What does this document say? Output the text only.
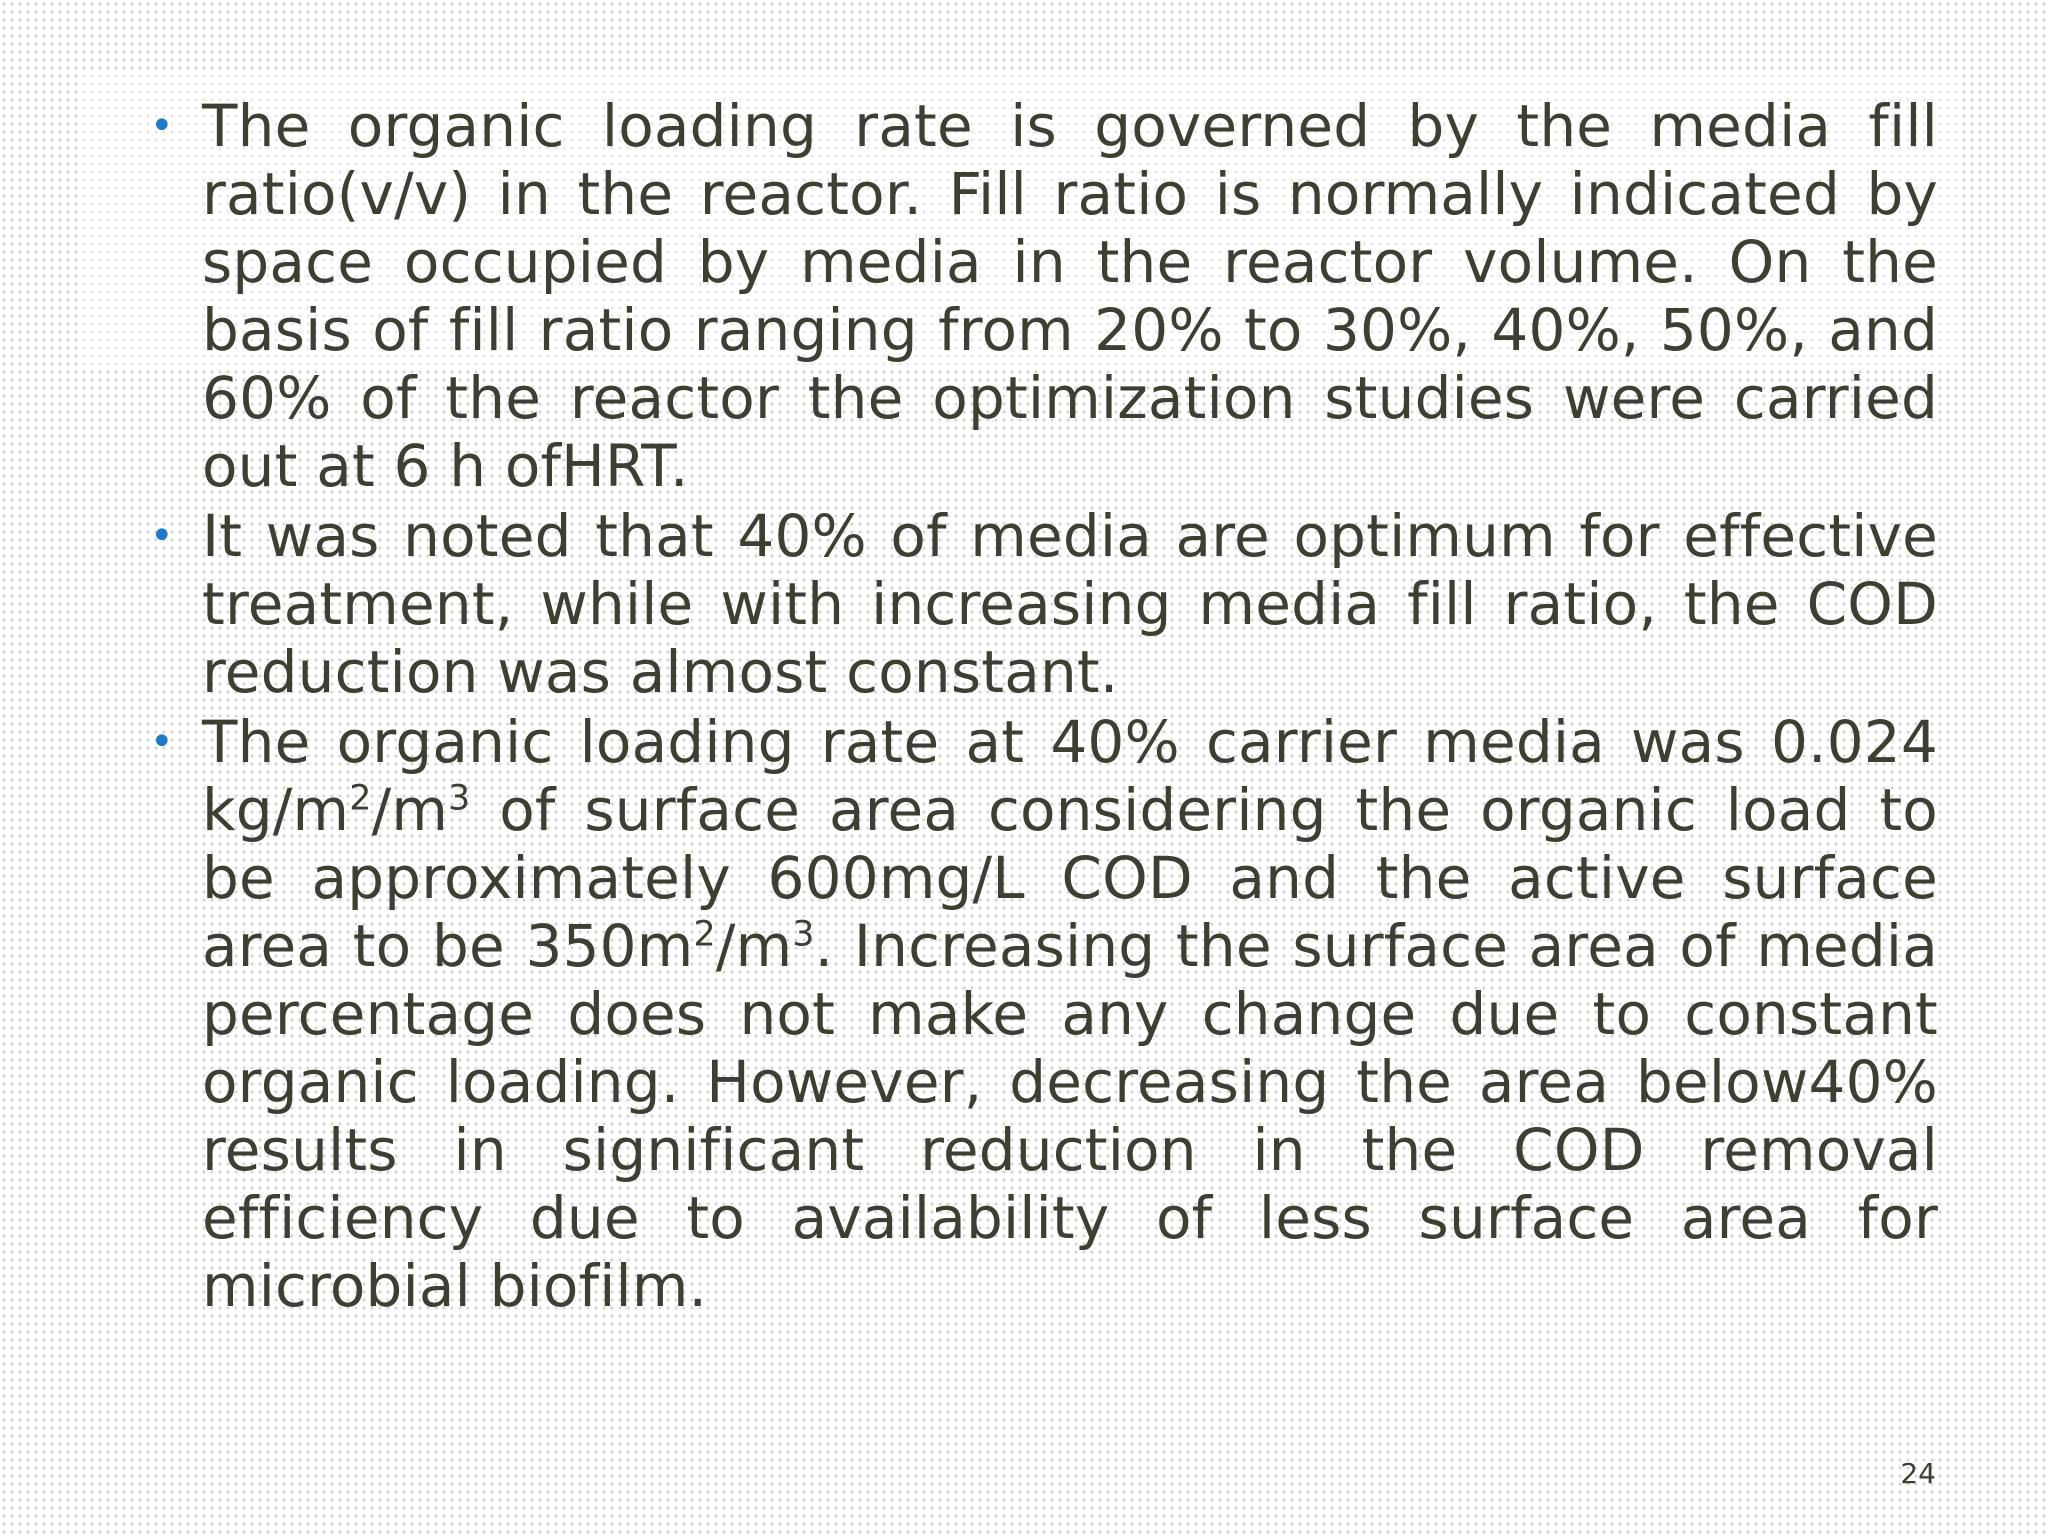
• The organic loading rate is governed by the media fill ratio(v/v) in the reactor. Fill ratio is normally indicated by space occupied by media in the reactor volume. On the basis of fill ratio ranging from 20% to 30%, 40%, 50%, and 60% of the reactor the optimization studies were carried out at 6 h ofHRT.
• It was noted that 40% of media are optimum for effective treatment, while with increasing media fill ratio, the COD reduction was almost constant.
• The organic loading rate at 40% carrier media was 0.024 $kg/m^2/m^3$ of surface area considering the organic load to be approximately 600mg/L COD and the active surface area to be $350m^2/m^3$. Increasing the surface area of media percentage does not make any change due to constant organic loading. However, decreasing the area below40% results in significant reduction in the COD removal efficiency due to availability of less surface area for microbial biofilm.
24
